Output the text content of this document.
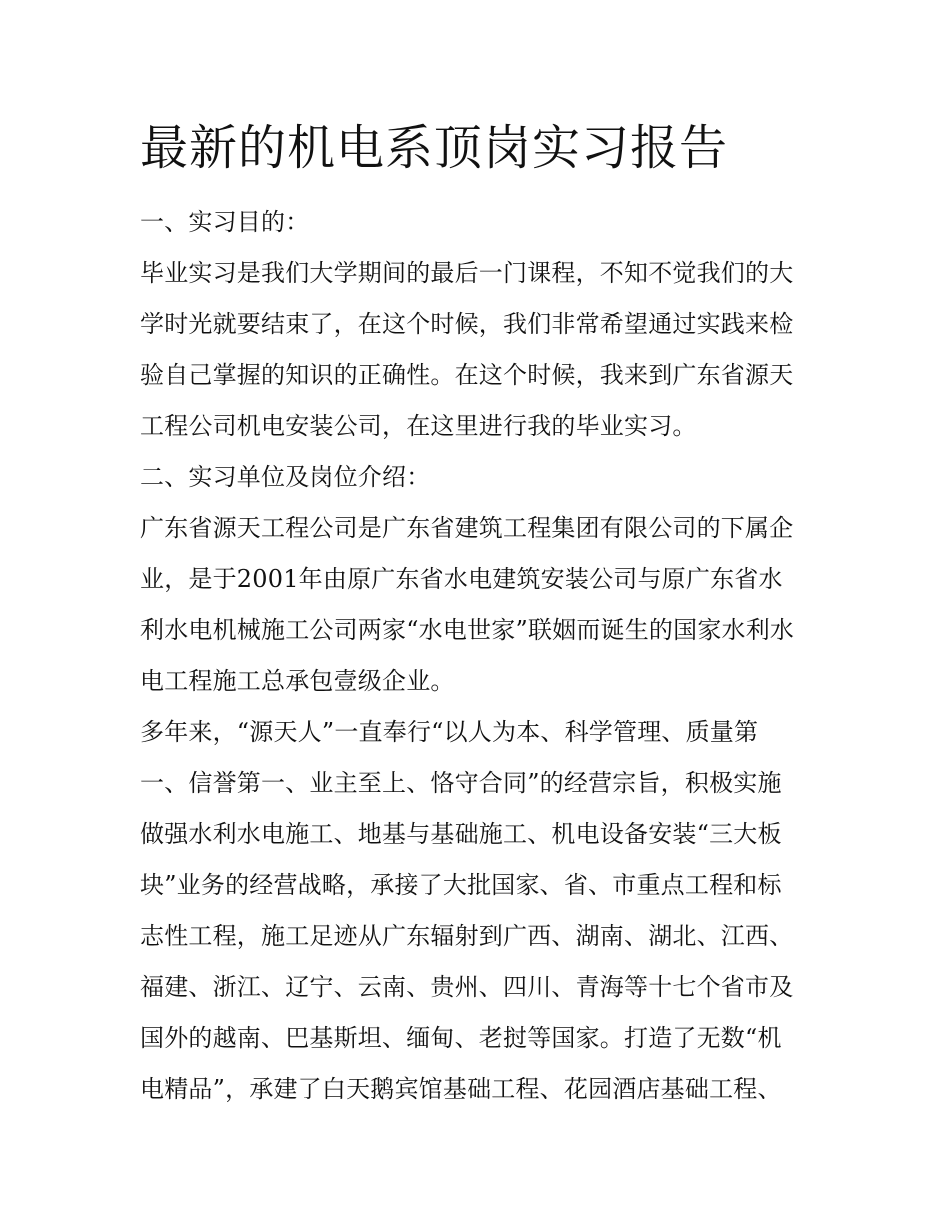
最新的机电系顶岗实习报告
一、实习目的：
毕业实习是我们大学期间的最后一门课程，不知不觉我们的大
学时光就要结束了，在这个时候，我们非常希望通过实践来检
验自己掌握的知识的正确性。在这个时候，我来到广东省源天
工程公司机电安装公司，在这里进行我的毕业实习。
二、实习单位及岗位介绍：
广东省源天工程公司是广东省建筑工程集团有限公司的下属企
业，是于2001年由原广东省水电建筑安装公司与原广东省水
利水电机械施工公司两家“水电世家”联姻而诞生的国家水利水
电工程施工总承包壹级企业。
多年来，“源天人”一直奉行“以人为本、科学管理、质量第
一、信誉第一、业主至上、恪守合同”的经营宗旨，积极实施
做强水利水电施工、地基与基础施工、机电设备安装“三大板
块”业务的经营战略，承接了大批国家、省、市重点工程和标
志性工程，施工足迹从广东辐射到广西、湖南、湖北、江西、
福建、浙江、辽宁、云南、贵州、四川、青海等十七个省市及
国外的越南、巴基斯坦、缅甸、老挝等国家。打造了无数“机
电精品”，承建了白天鹅宾馆基础工程、花园酒店基础工程、
